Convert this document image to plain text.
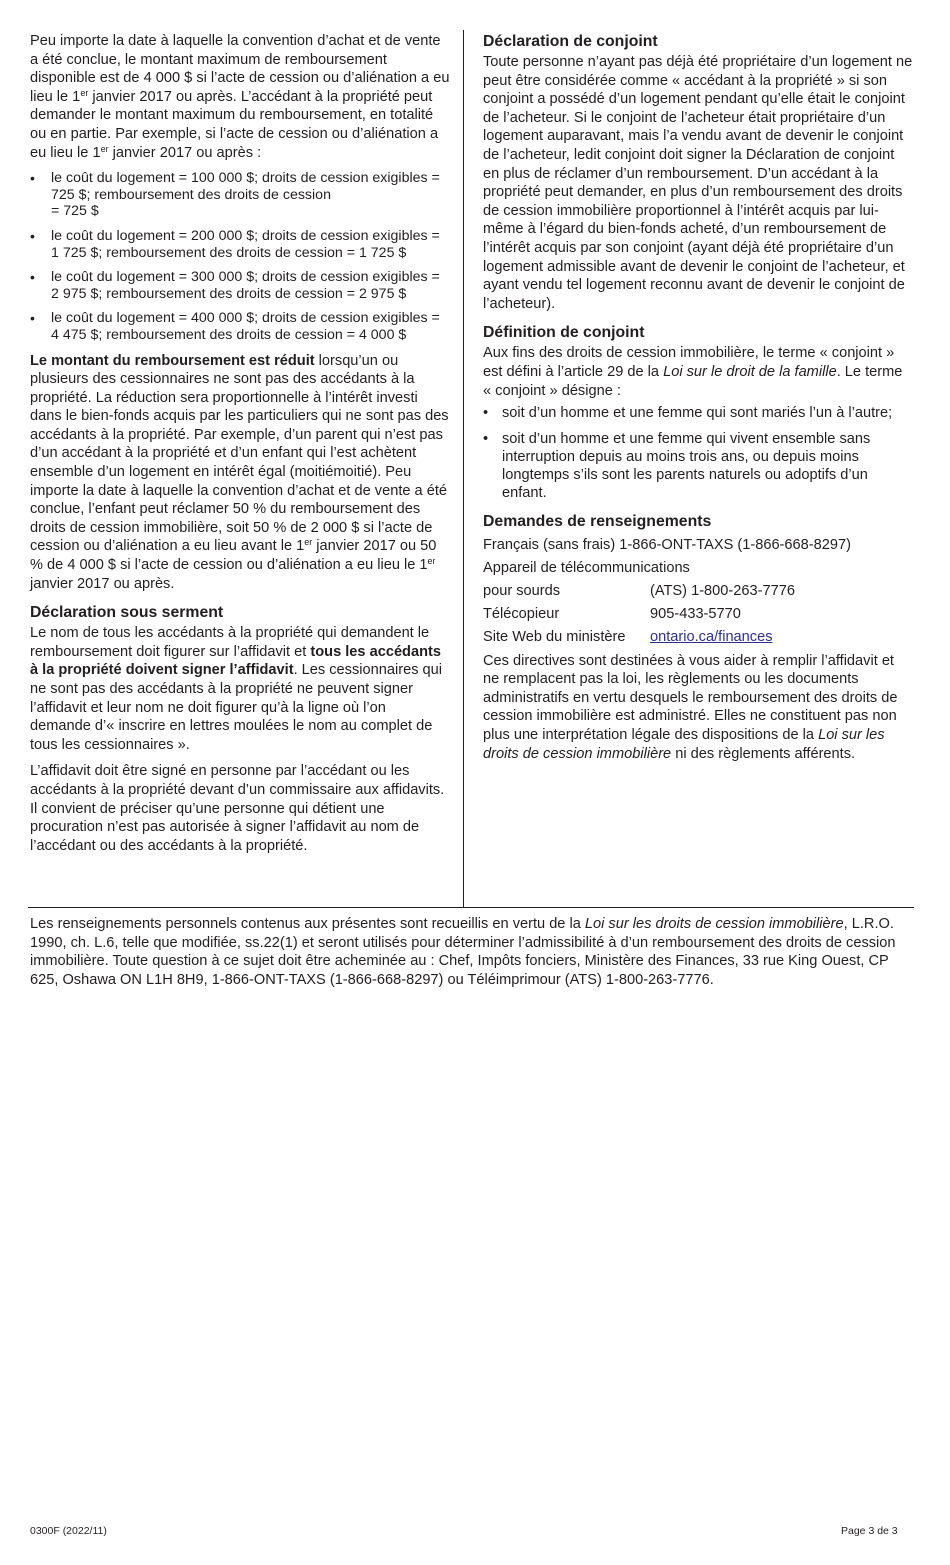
Peu importe la date à laquelle la convention d’achat et de vente a été conclue, le montant maximum de remboursement disponible est de 4 000 $ si l’acte de cession ou d’aliénation a eu lieu le 1er janvier 2017 ou après. L’accédant à la propriété peut demander le montant maximum du remboursement, en totalité ou en partie. Par exemple, si l’acte de cession ou d’aliénation a eu lieu le 1er janvier 2017 ou après :

• le coût du logement = 100 000 $; droits de cession exigibles = 725 $; remboursement des droits de cession
= 725 $
• le coût du logement = 200 000 $; droits de cession exigibles = 1 725 $; remboursement des droits de cession = 1 725 $
• le coût du logement = 300 000 $; droits de cession exigibles = 2 975 $; remboursement des droits de cession = 2 975 $
• le coût du logement = 400 000 $; droits de cession exigibles = 4 475 $; remboursement des droits de cession = 4 000 $

Le montant du remboursement est réduit lorsqu’un ou plusieurs des cessionnaires ne sont pas des accédants à la propriété. La réduction sera proportionnelle à l’intérêt investi dans le bien-fonds acquis par les particuliers qui ne sont pas des accédants à la propriété. Par exemple, d’un parent qui n’est pas d’un accédant à la propriété et d’un enfant qui l’est achètent ensemble d’un logement en intérêt égal (moitiémoitié). Peu importe la date à laquelle la convention d’achat et de vente a été conclue, l’enfant peut réclamer 50 % du remboursement des droits de cession immobilière, soit 50 % de 2 000 $ si l’acte de cession ou d’aliénation a eu lieu avant le 1er janvier 2017 ou 50 % de 4 000 $ si l’acte de cession ou d’aliénation a eu lieu le 1er janvier 2017 ou après.

Déclaration sous serment

Le nom de tous les accédants à la propriété qui demandent le remboursement doit figurer sur l’affidavit et tous les accédants à la propriété doivent signer l’affidavit. Les cessionnaires qui ne sont pas des accédants à la propriété ne peuvent signer l’affidavit et leur nom ne doit figurer qu’à la ligne où l’on demande d’« inscrire en lettres moulées le nom au complet de tous les cessionnaires ».

L’affidavit doit être signé en personne par l’accédant ou les accédants à la propriété devant d’un commissaire aux affidavits. Il convient de préciser qu’une personne qui détient une procuration n’est pas autorisée à signer l’affidavit au nom de l’accédant ou des accédants à la propriété.

Déclaration de conjoint

Toute personne n’ayant pas déjà été propriétaire d’un logement ne peut être considérée comme « accédant à la propriété » si son conjoint a possédé d’un logement pendant qu’elle était le conjoint de l’acheteur. Si le conjoint de l’acheteur était propriétaire d’un logement auparavant, mais l’a vendu avant de devenir le conjoint de l’acheteur, ledit conjoint doit signer la Déclaration de conjoint en plus de réclamer d’un remboursement. D’un accédant à la propriété peut demander, en plus d’un remboursement des droits de cession immobilière proportionnel à l’intérêt acquis par lui-même à l’égard du bien-fonds acheté, d’un remboursement de l’intérêt acquis par son conjoint (ayant déjà été propriétaire d’un logement admissible avant de devenir le conjoint de l’acheteur, et ayant vendu tel logement reconnu avant de devenir le conjoint de l’acheteur).

Définition de conjoint

Aux fins des droits de cession immobilière, le terme « conjoint » est défini à l’article 29 de la Loi sur le droit de la famille. Le terme « conjoint » désigne :

• soit d’un homme et une femme qui sont mariés l’un à l’autre;
• soit d’un homme et une femme qui vivent ensemble sans interruption depuis au moins trois ans, ou depuis moins longtemps s’ils sont les parents naturels ou adoptifs d’un enfant.
Demandes de renseignements

Français (sans frais) 1-866-ONT-TAXS (1-866-668-8297)

Appareil de télécommunications

pour sourds	(ATS) 1-800-263-7776
Télécopieur	905-433-5770
Site Web du ministère	ontario.ca/finances

Ces directives sont destinées à vous aider à remplir l’affidavit et ne remplacent pas la loi, les règlements ou les documents administratifs en vertu desquels le remboursement des droits de cession immobilière est administré. Elles ne constituent pas non plus une interprétation légale des dispositions de la Loi sur les droits de cession immobilière ni des règlements afférents.

Les renseignements personnels contenus aux présentes sont recueillis en vertu de la Loi sur les droits de cession immobilière, L.R.O. 1990, ch. L.6, telle que modifiée, ss.22(1) et seront utilisés pour déterminer l’admissibilité à d’un remboursement des droits de cession immobilière. Toute question à ce sujet doit être acheminée au : Chef, Impôts fonciers, Ministère des Finances, 33 rue King Ouest, CP 625, Oshawa ON L1H 8H9, 1-866-ONT-TAXS (1-866-668-8297) ou Téléimprimour (ATS) 1-800-263-7776.

0300F (2022/11)	Page 3 de 3
